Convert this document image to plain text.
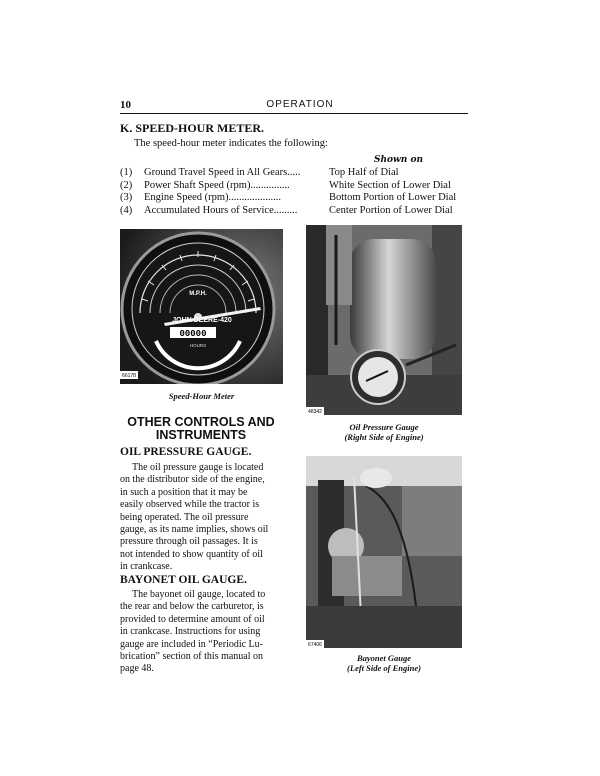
10	OPERATION
K. SPEED-HOUR METER.
The speed-hour meter indicates the following:
Shown on
(1) Ground Travel Speed in All Gears.....	Top Half of Dial
(2) Power Shaft Speed (rpm)...............	White Section of Lower Dial
(3) Engine Speed (rpm)....................	Bottom Portion of Lower Dial
(4) Accumulated Hours of Service.........	Center Portion of Lower Dial
M.P.H.
JOHN DEERE-420
00000
HOURS
66178
Speed-Hour Meter
48342
Oil Pressure Gauge
(Right Side of Engine)
67406
Bayonet Gauge
(Left Side of Engine)
OTHER CONTROLS AND
INSTRUMENTS
OIL PRESSURE GAUGE.
The oil pressure gauge is located
on the distributor side of the engine,
in such a position that it may be
easily observed while the tractor is
being operated. The oil pressure
gauge, as its name implies, shows oil
pressure through oil passages. It is
not intended to show quantity of oil
in crankcase.
BAYONET OIL GAUGE.
The bayonet oil gauge, located to
the rear and below the carburetor, is
provided to determine amount of oil
in crankcase. Instructions for using
gauge are included in “Periodic Lu-
brication” section of this manual on
page 48.
